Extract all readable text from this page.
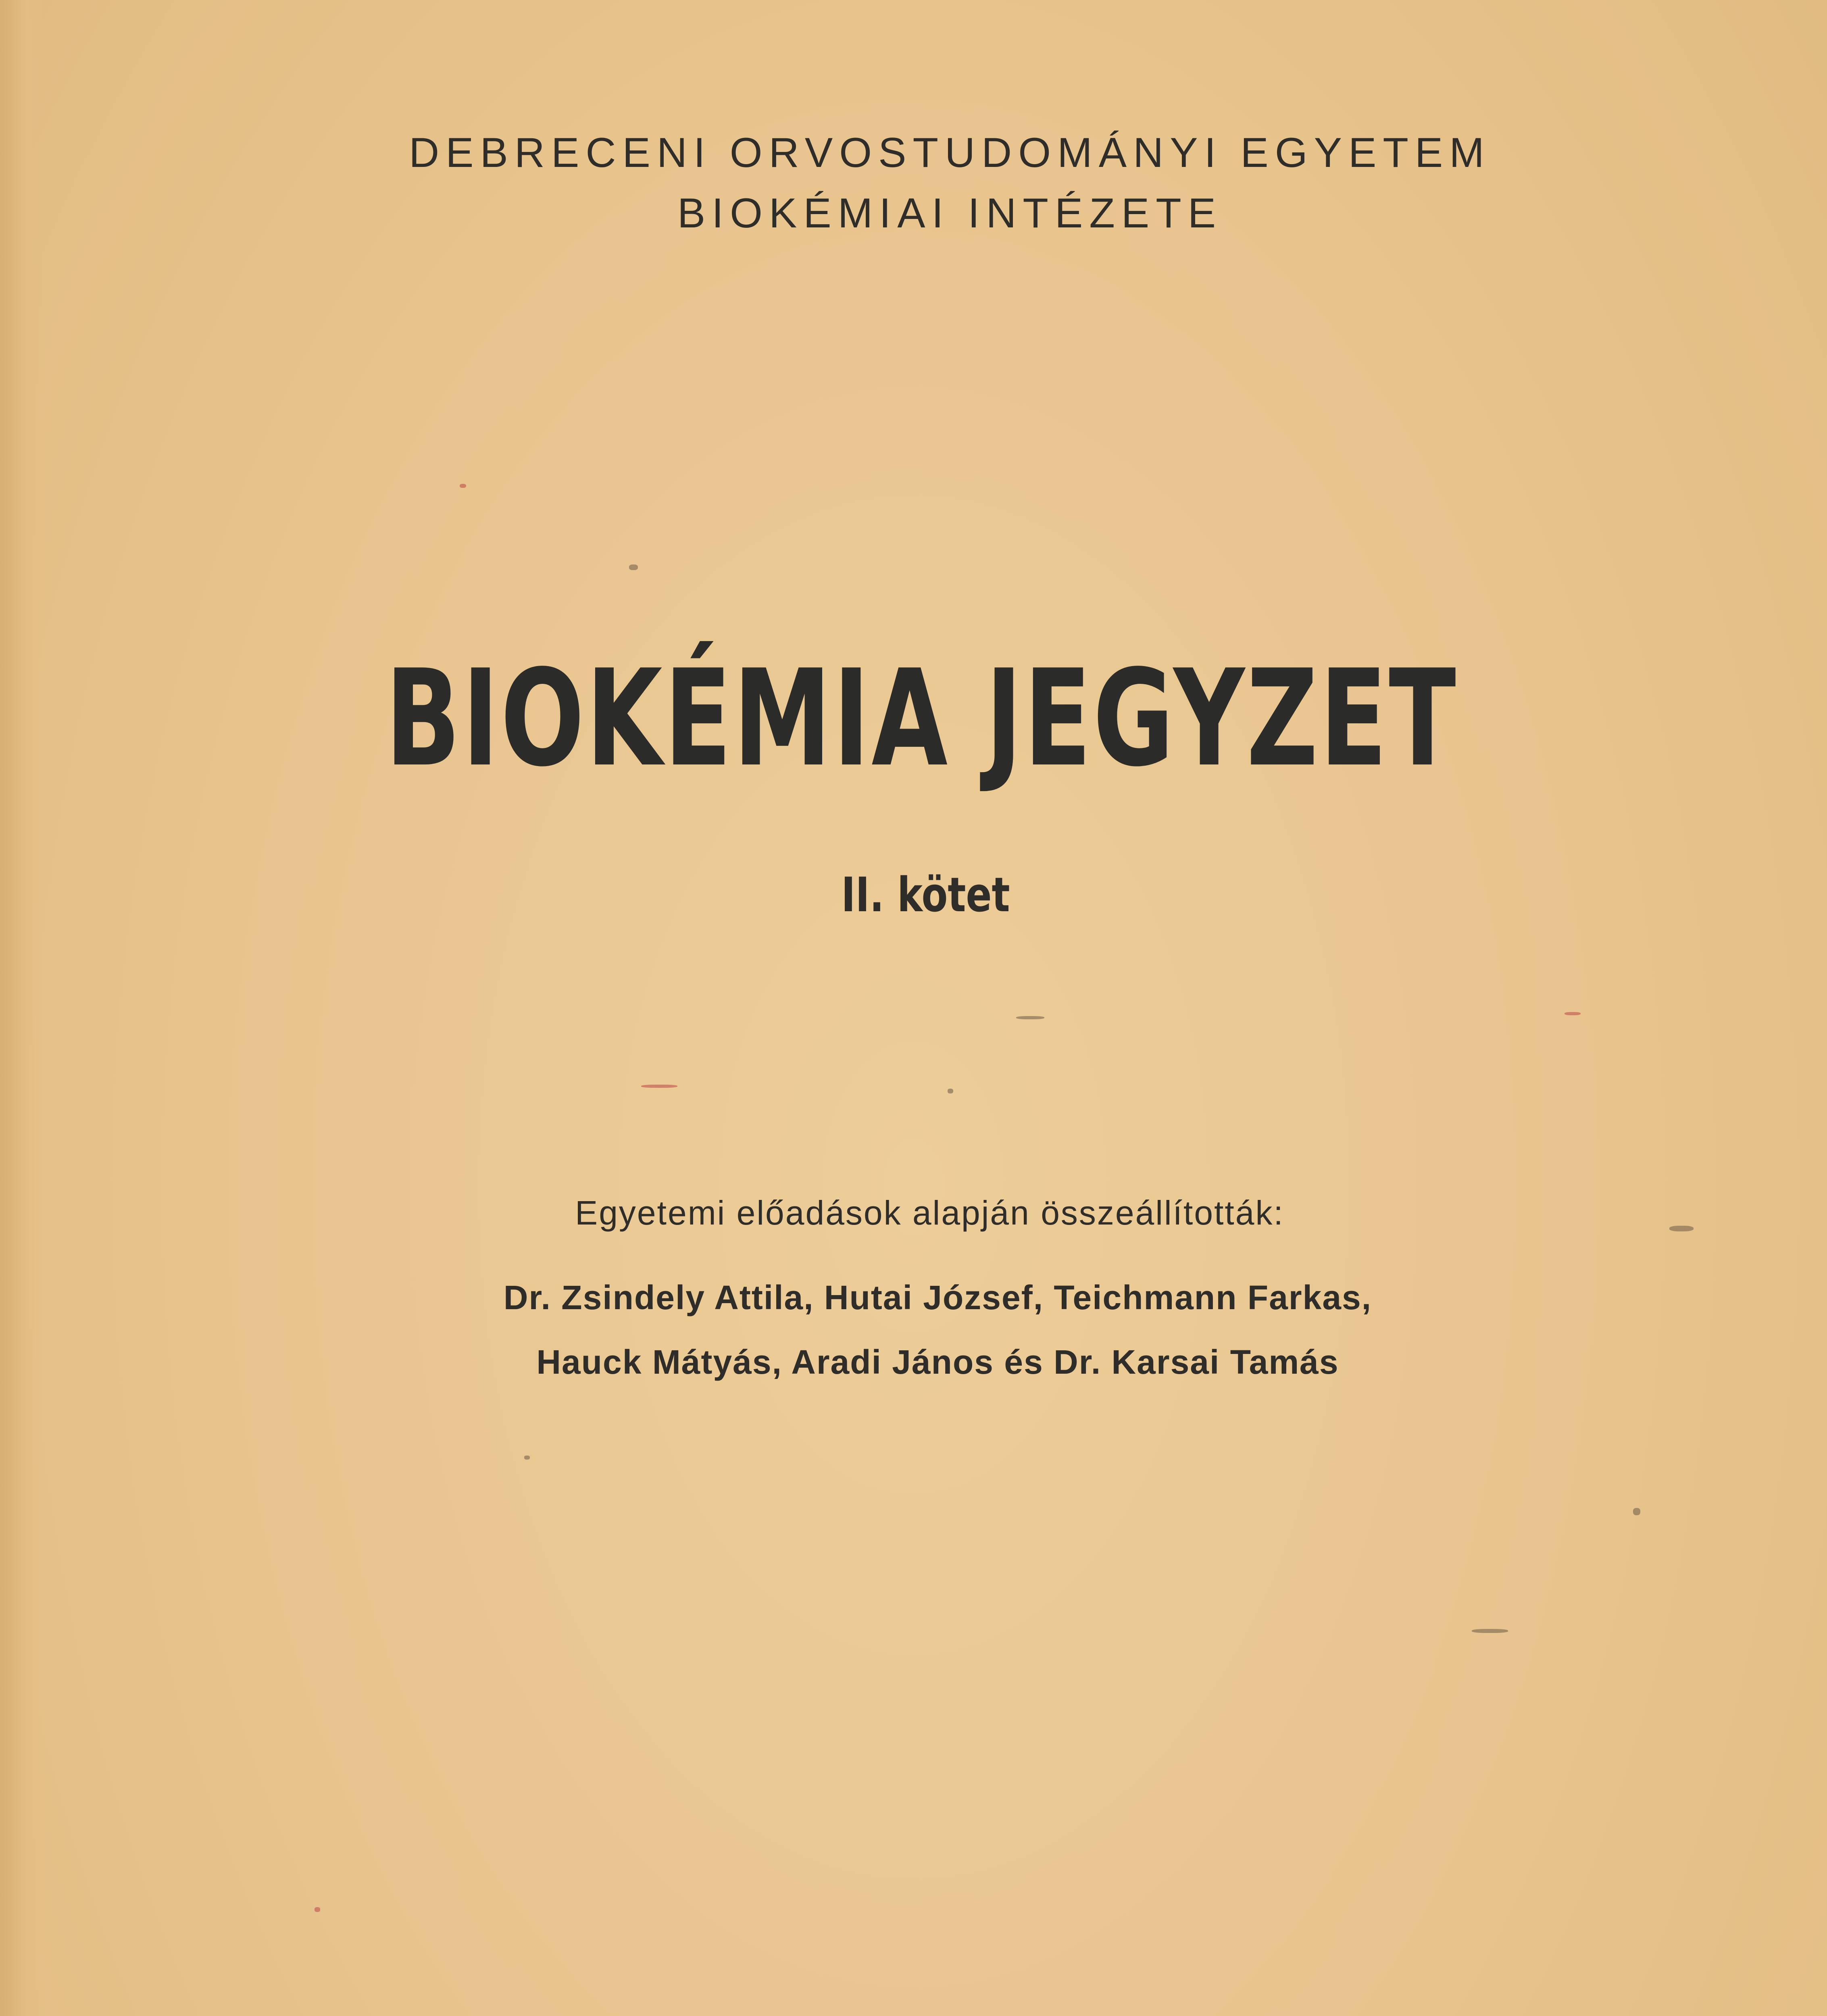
DEBRECENI ORVOSTUDOMÁNYI EGYETEM
BIOKÉMIAI INTÉZETE
BIOKÉMIA JEGYZET
II. kötet
Egyetemi előadások alapján összeállították:
Dr. Zsindely Attila, Hutai József, Teichmann Farkas,
Hauck Mátyás, Aradi János és Dr. Karsai Tamás
